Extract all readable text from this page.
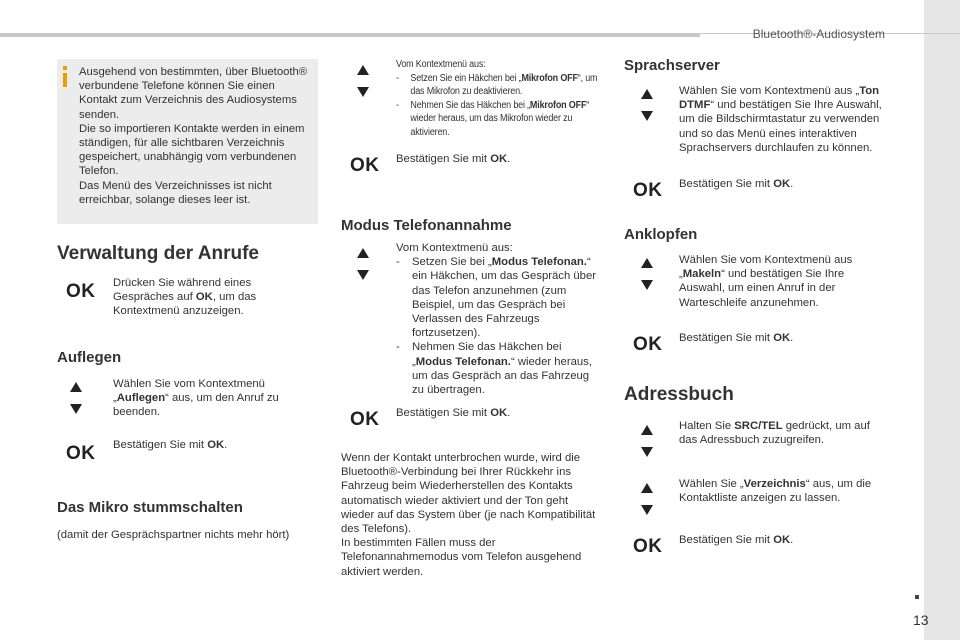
Bluetooth®-Audiosystem
13
Ausgehend von bestimmten, über Bluetooth® verbundene Telefone können Sie einen Kontakt zum Verzeichnis des Audiosystems senden.
Die so importieren Kontakte werden in einem ständigen, für alle sichtbaren Verzeichnis gespeichert, unabhängig vom verbundenen Telefon.
Das Menü des Verzeichnisses ist nicht erreichbar, solange dieses leer ist.
Verwaltung der Anrufe
OK Drücken Sie während eines Gespräches auf OK, um das Kontextmenü anzuzeigen.
Auflegen
Wählen Sie vom Kontextmenü „Auflegen“ aus, um den Anruf zu beenden.
OK Bestätigen Sie mit OK.
Das Mikro stummschalten
(damit der Gesprächspartner nichts mehr hört)
Vom Kontextmenü aus:
- Setzen Sie ein Häkchen bei „Mikrofon OFF“, um das Mikrofon zu deaktivieren.
- Nehmen Sie das Häkchen bei „Mikrofon OFF“ wieder heraus, um das Mikrofon wieder zu aktivieren.
OK Bestätigen Sie mit OK.
Modus Telefonannahme
Vom Kontextmenü aus:
- Setzen Sie bei „Modus Telefonan.“ ein Häkchen, um das Gespräch über das Telefon anzunehmen (zum Beispiel, um das Gespräch bei Verlassen des Fahrzeugs fortzusetzen).
- Nehmen Sie das Häkchen bei „Modus Telefonan.“ wieder heraus, um das Gespräch an das Fahrzeug zu übertragen.
OK Bestätigen Sie mit OK.
Wenn der Kontakt unterbrochen wurde, wird die Bluetooth®-Verbindung bei Ihrer Rückkehr ins Fahrzeug beim Wiederherstellen des Kontakts automatisch wieder aktiviert und der Ton geht wieder auf das System über (je nach Kompatibilität des Telefons).
In bestimmten Fällen muss der Telefonannahmemodus vom Telefon ausgehend aktiviert werden.
Sprachserver
Wählen Sie vom Kontextmenü aus „Ton DTMF“ und bestätigen Sie Ihre Auswahl, um die Bildschirmtastatur zu verwenden und so das Menü eines interaktiven Sprachservers durchlaufen zu können.
OK Bestätigen Sie mit OK.
Anklopfen
Wählen Sie vom Kontextmenü aus „Makeln“ und bestätigen Sie Ihre Auswahl, um einen Anruf in der Warteschleife anzunehmen.
OK Bestätigen Sie mit OK.
Adressbuch
Halten Sie SRC/TEL gedrückt, um auf das Adressbuch zuzugreifen.
Wählen Sie „Verzeichnis“ aus, um die Kontaktliste anzeigen zu lassen.
OK Bestätigen Sie mit OK.
